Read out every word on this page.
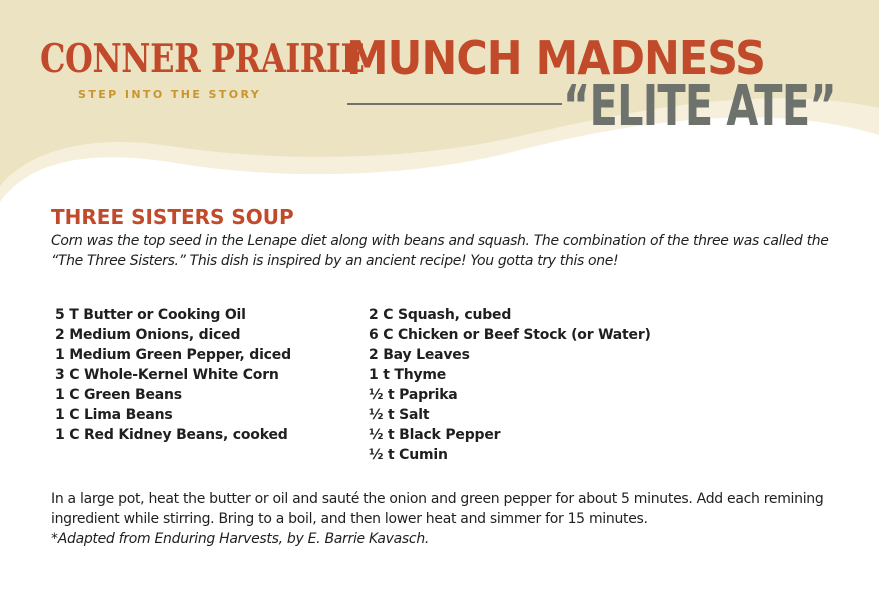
CONNER PRAIRIE
STEP INTO THE STORY
MUNCH MADNESS
“ELITE ATE”
THREE SISTERS SOUP
Corn was the top seed in the Lenape diet along with beans and squash. The combination of the three was called the “The Three Sisters.” This dish is inspired by an ancient recipe! You gotta try this one!
5 T Butter or Cooking Oil
2 Medium Onions, diced
1 Medium Green Pepper, diced
3 C Whole-Kernel White Corn
1 C Green Beans
1 C Lima Beans
1 C Red Kidney Beans, cooked
2 C Squash, cubed
6 C Chicken or Beef Stock (or Water)
2 Bay Leaves
1 t Thyme
½ t Paprika
½ t Salt
½ t Black Pepper
½ t Cumin
In a large pot, heat the butter or oil and sauté the onion and green pepper for about 5 minutes. Add each remining ingredient while stirring. Bring to a boil, and then lower heat and simmer for 15 minutes.
*Adapted from Enduring Harvests, by E. Barrie Kavasch.
